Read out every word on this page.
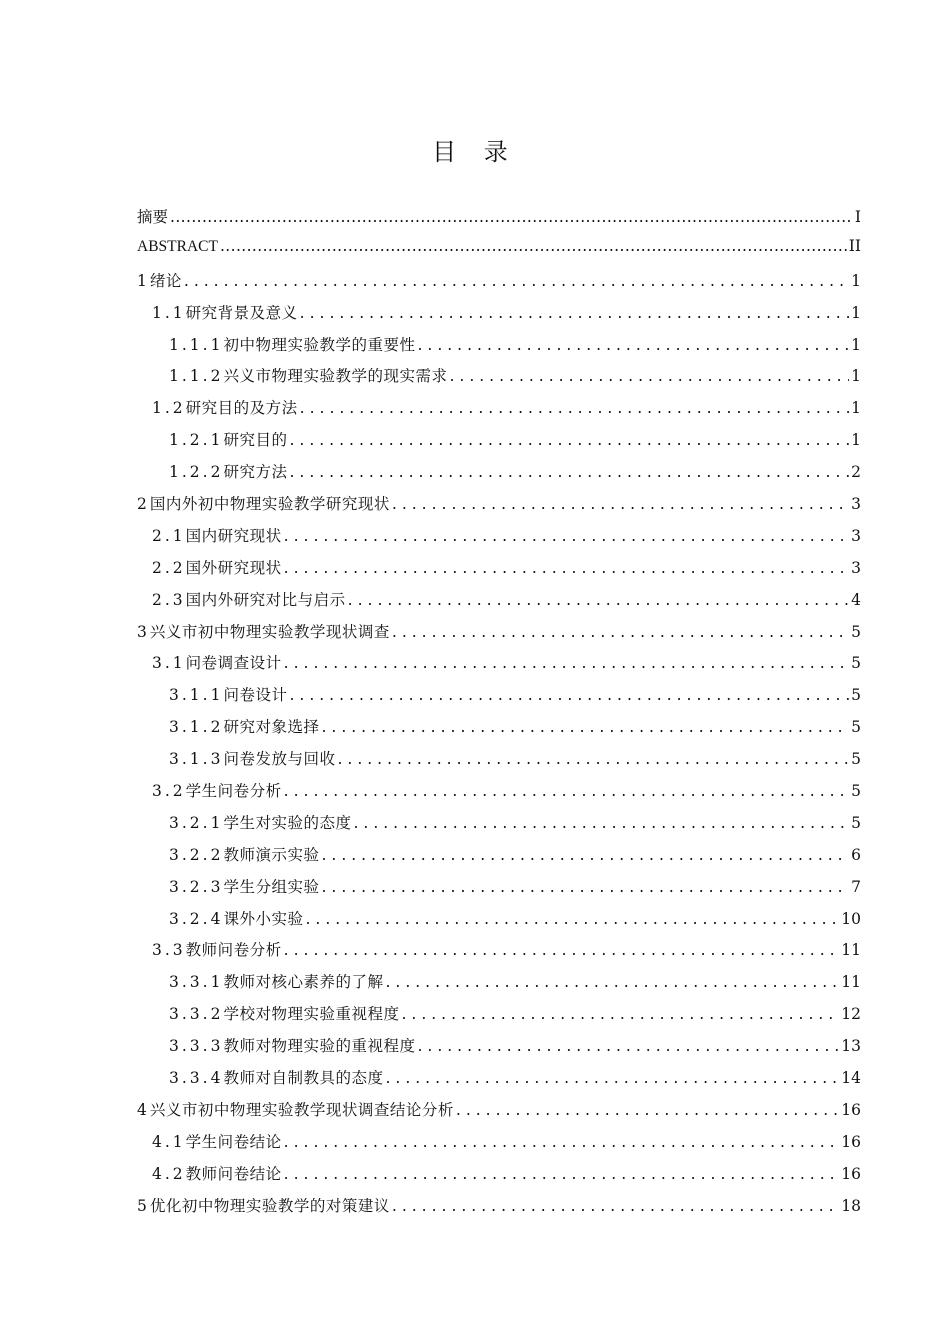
目 录
摘要 .....	I
ABSTRACT .....	II
1 绪论 .....	1
1.1 研究背景及意义 .....	1
1.1.1 初中物理实验教学的重要性 .....	1
1.1.2 兴义市物理实验教学的现实需求 .....	1
1.2 研究目的及方法 .....	1
1.2.1 研究目的 .....	1
1.2.2 研究方法 .....	2
2 国内外初中物理实验教学研究现状 .....	3
2.1 国内研究现状 .....	3
2.2 国外研究现状 .....	3
2.3 国内外研究对比与启示 .....	4
3 兴义市初中物理实验教学现状调查 .....	5
3.1 问卷调查设计 .....	5
3.1.1 问卷设计 .....	5
3.1.2 研究对象选择 .....	5
3.1.3 问卷发放与回收 .....	5
3.2 学生问卷分析 .....	5
3.2.1 学生对实验的态度 .....	5
3.2.2 教师演示实验 .....	6
3.2.3 学生分组实验 .....	7
3.2.4 课外小实验 .....	10
3.3 教师问卷分析 .....	11
3.3.1 教师对核心素养的了解 .....	11
3.3.2 学校对物理实验重视程度 .....	12
3.3.3 教师对物理实验的重视程度 .....	13
3.3.4 教师对自制教具的态度 .....	14
4 兴义市初中物理实验教学现状调查结论分析 .....	16
4.1 学生问卷结论 .....	16
4.2 教师问卷结论 .....	16
5 优化初中物理实验教学的对策建议 .....	18
